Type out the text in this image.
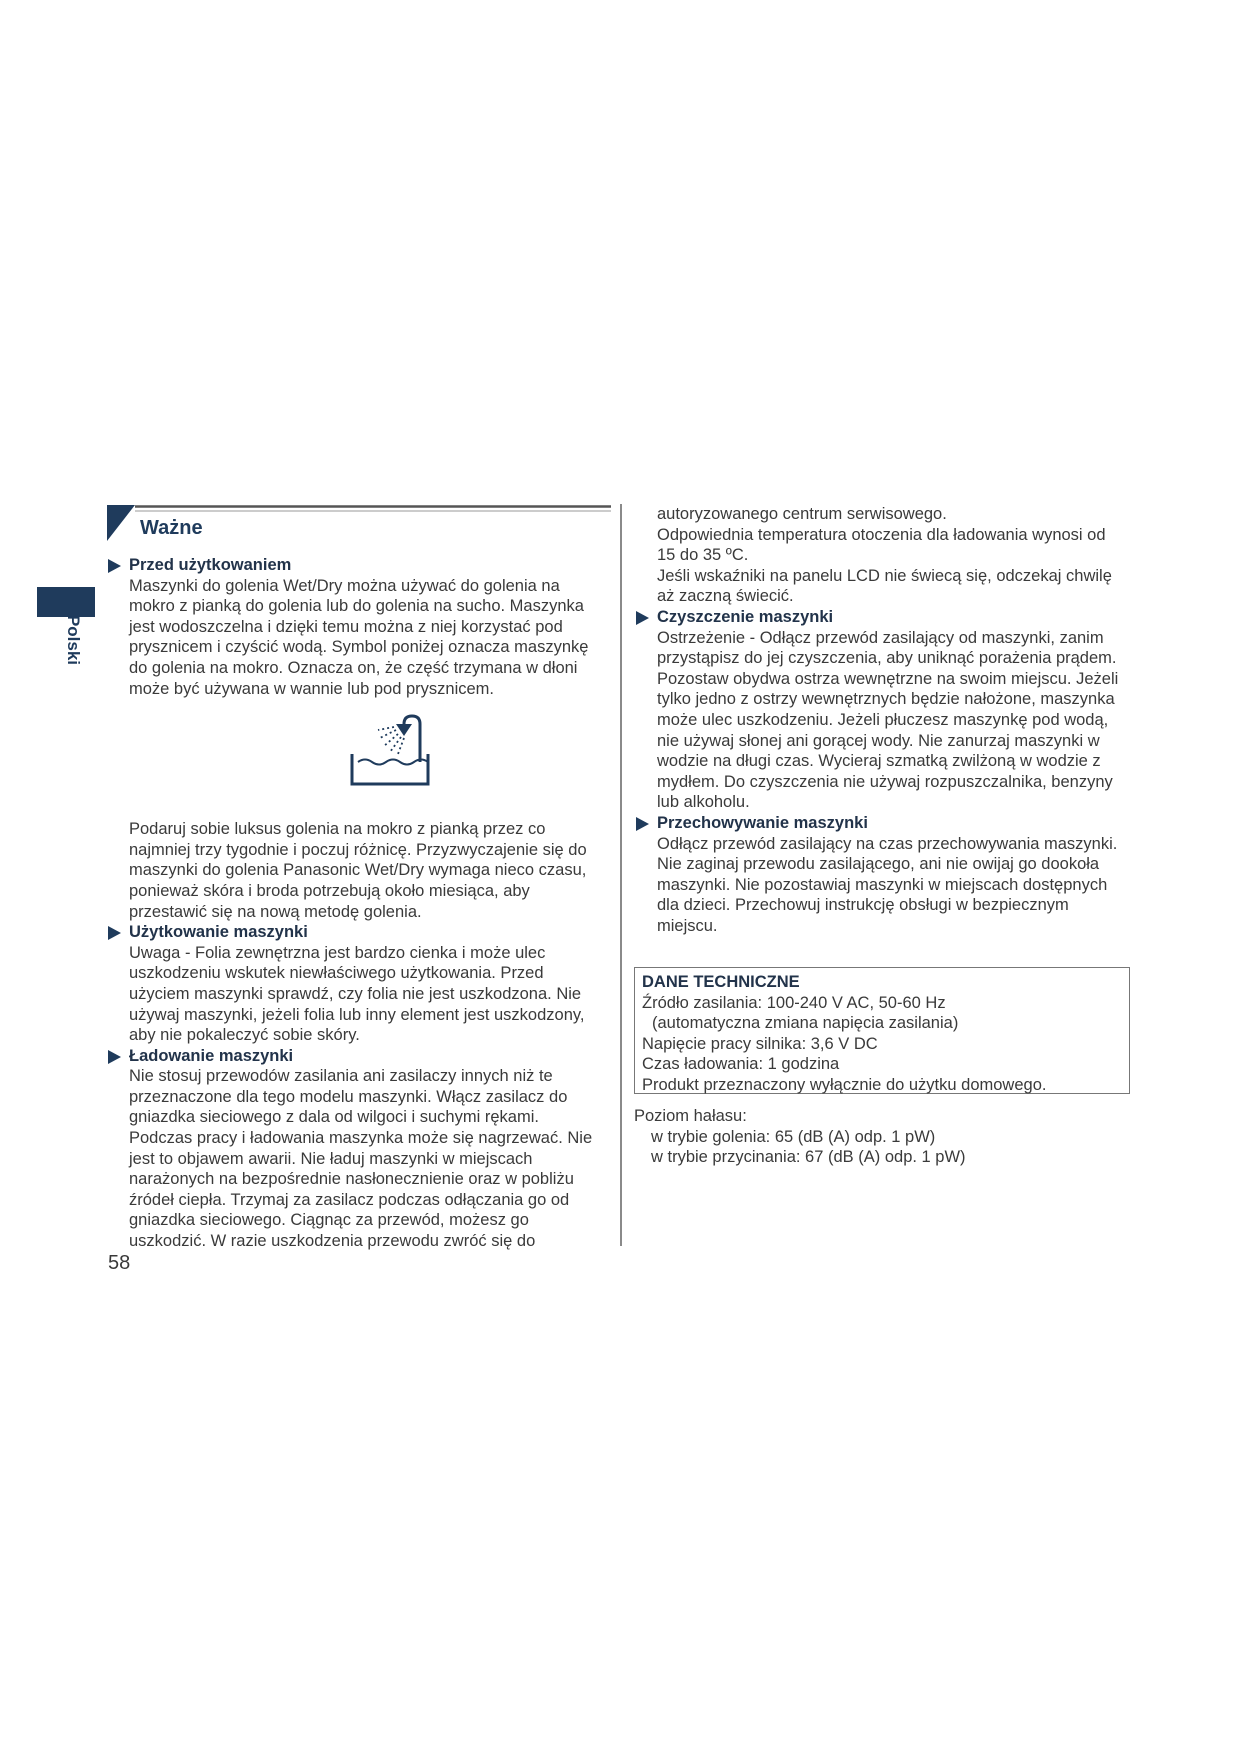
Polski
Ważne
Przed użytkowaniem

Maszynki do golenia Wet/Dry można używać do golenia na

mokro z pianką do golenia lub do golenia na sucho. Maszynka

jest wodoszczelna i dzięki temu można z niej korzystać pod

prysznicem i czyścić wodą. Symbol poniżej oznacza maszynkę

do golenia na mokro. Oznacza on, że część trzymana w dłoni

może być używana w wannie lub pod prysznicem.

Podaruj sobie luksus golenia na mokro z pianką przez co

najmniej trzy tygodnie i poczuj różnicę. Przyzwyczajenie się do

maszynki do golenia Panasonic Wet/Dry wymaga nieco czasu,

ponieważ skóra i broda potrzebują około miesiąca, aby

przestawić się na nową metodę golenia.

Użytkowanie maszynki

Uwaga - Folia zewnętrzna jest bardzo cienka i może ulec

uszkodzeniu wskutek niewłaściwego użytkowania. Przed

użyciem maszynki sprawdź, czy folia nie jest uszkodzona. Nie

używaj maszynki, jeżeli folia lub inny element jest uszkodzony,

aby nie pokaleczyć sobie skóry.

Ładowanie maszynki

Nie stosuj przewodów zasilania ani zasilaczy innych niż te

przeznaczone dla tego modelu maszynki. Włącz zasilacz do

gniazdka sieciowego z dala od wilgoci i suchymi rękami.

Podczas pracy i ładowania maszynka może się nagrzewać. Nie

jest to objawem awarii. Nie ładuj maszynki w miejscach

narażonych na bezpośrednie nasłonecznienie oraz w pobliżu

źródeł ciepła. Trzymaj za zasilacz podczas odłączania go od

gniazdka sieciowego. Ciągnąc za przewód, możesz go

uszkodzić. W razie uszkodzenia przewodu zwróć się do

autoryzowanego centrum serwisowego.

Odpowiednia temperatura otoczenia dla ładowania wynosi od

15 do 35 ºC.

Jeśli wskaźniki na panelu LCD nie świecą się, odczekaj chwilę

aż zaczną świecić.

Czyszczenie maszynki

Ostrzeżenie - Odłącz przewód zasilający od maszynki, zanim

przystąpisz do jej czyszczenia, aby uniknąć porażenia prądem.

Pozostaw obydwa ostrza wewnętrzne na swoim miejscu. Jeżeli

tylko jedno z ostrzy wewnętrznych będzie nałożone, maszynka

może ulec uszkodzeniu. Jeżeli płuczesz maszynkę pod wodą,

nie używaj słonej ani gorącej wody. Nie zanurzaj maszynki w

wodzie na długi czas. Wycieraj szmatką zwilżoną w wodzie z

mydłem. Do czyszczenia nie używaj rozpuszczalnika, benzyny

lub alkoholu.

Przechowywanie maszynki

Odłącz przewód zasilający na czas przechowywania maszynki.

Nie zaginaj przewodu zasilającego, ani nie owijaj go dookoła

maszynki. Nie pozostawiaj maszynki w miejscach dostępnych

dla dzieci. Przechowuj instrukcję obsługi w bezpiecznym

miejscu.

DANE TECHNICZNE
Źródło zasilania: 100-240 V AC, 50-60 Hz
(automatyczna zmiana napięcia zasilania)
Napięcie pracy silnika: 3,6 V DC
Czas ładowania: 1 godzina
Produkt przeznaczony wyłącznie do użytku domowego.
Poziom hałasu:
w trybie golenia: 65 (dB (A) odp. 1 pW)
w trybie przycinania: 67 (dB (A) odp. 1 pW)
58
